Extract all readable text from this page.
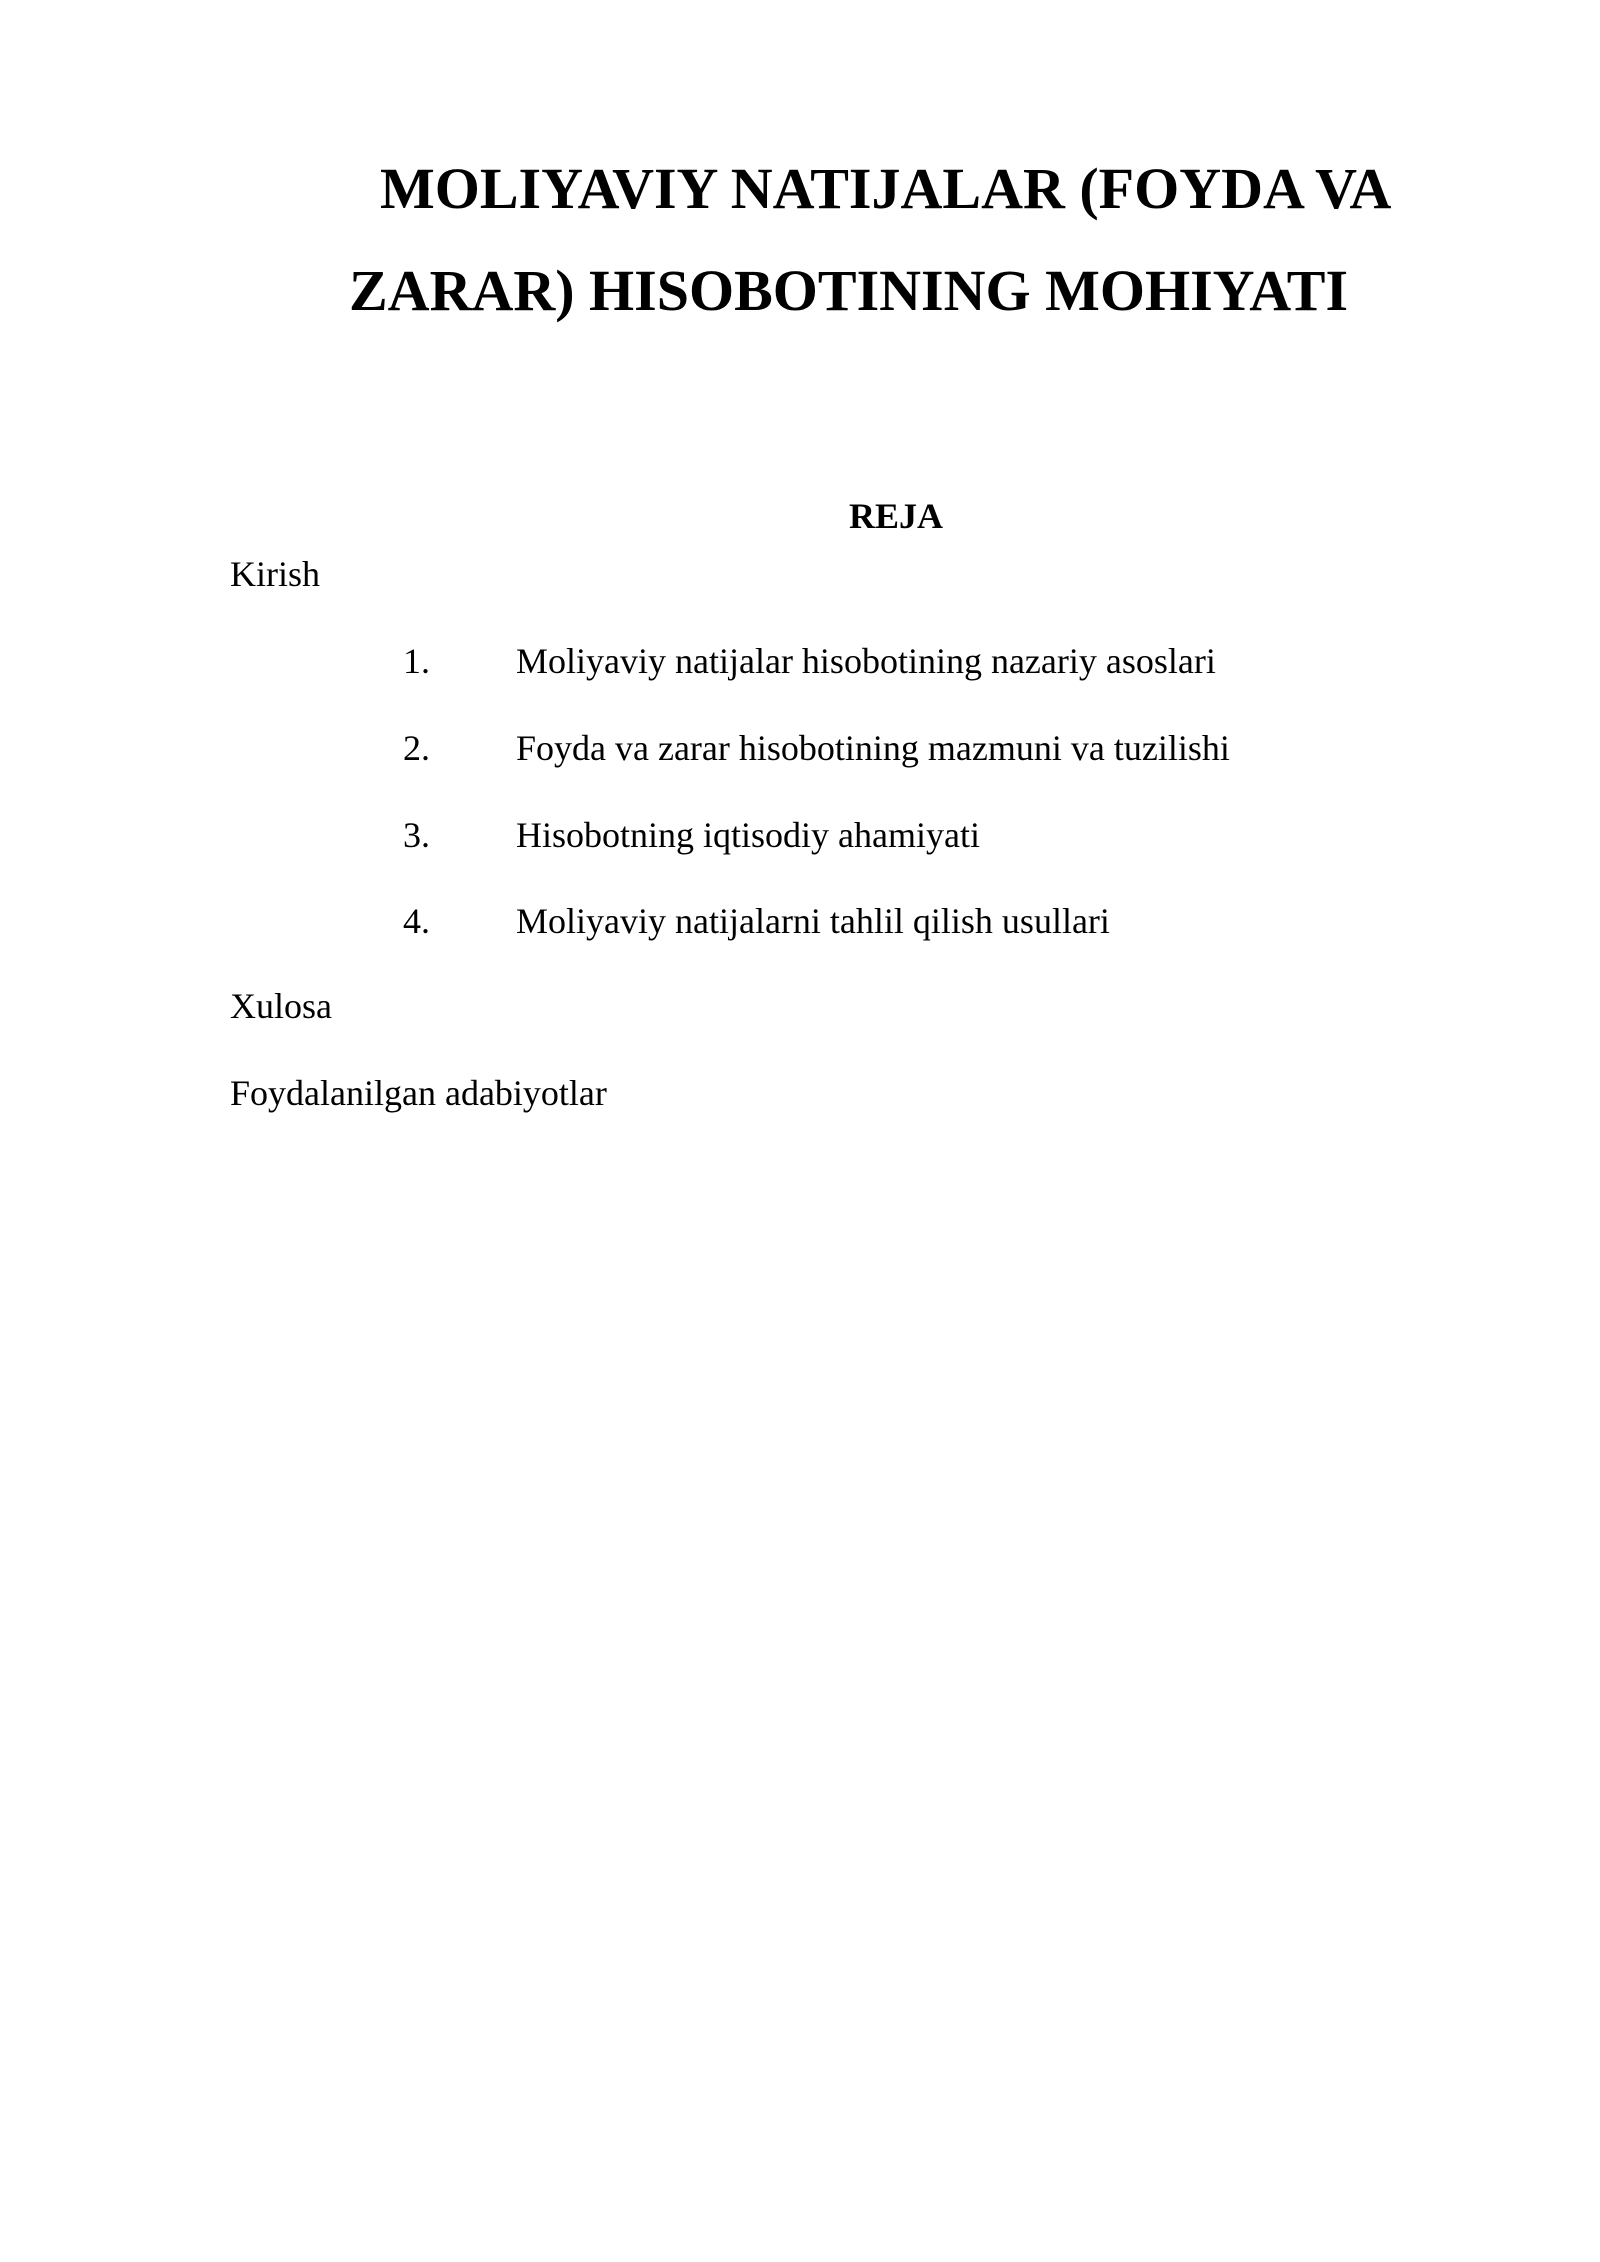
MOLIYAVIY NATIJALAR (FOYDA VA
ZARAR) HISOBOTINING MOHIYATI
REJA

Kirish

1. Moliyaviy natijalar hisobotining nazariy asoslari
2. Foyda va zarar hisobotining mazmuni va tuzilishi
3. Hisobotning iqtisodiy ahamiyati
4. Moliyaviy natijalarni tahlil qilish usullari

Xulosa

Foydalanilgan adabiyotlar
